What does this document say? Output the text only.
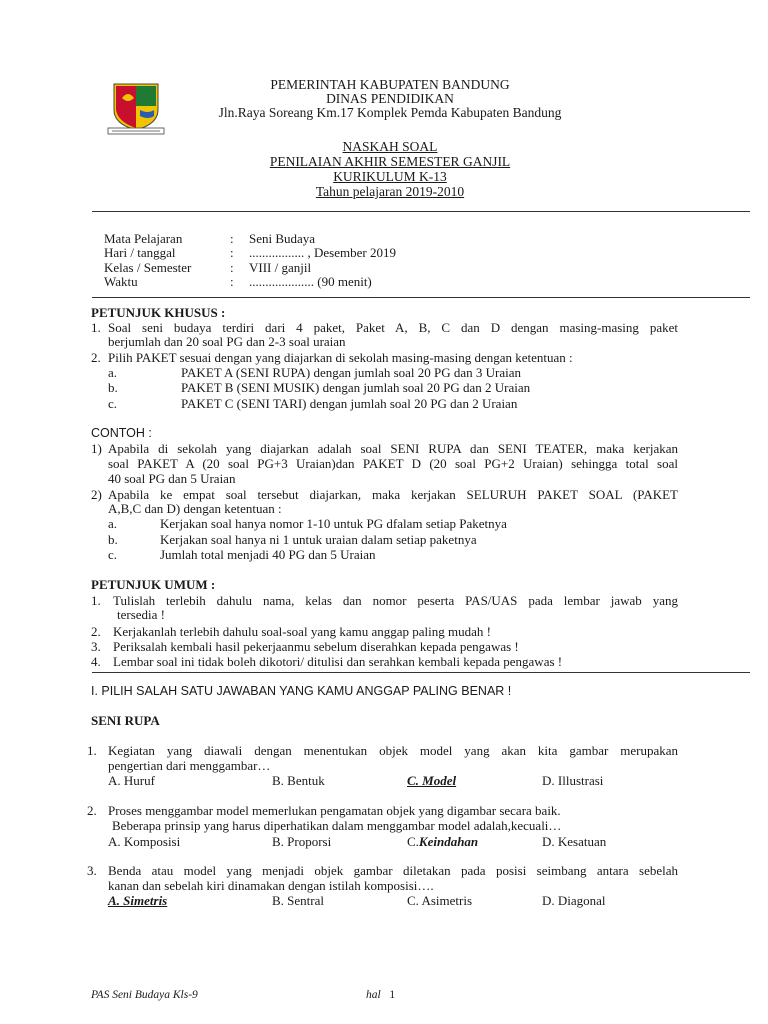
PEMERINTAH KABUPATEN BANDUNG
DINAS PENDIDIKAN
Jln.Raya Soreang Km.17 Komplek Pemda Kabupaten Bandung
NASKAH SOAL
PENILAIAN AKHIR SEMESTER GANJIL
KURIKULUM K-13
Tahun pelajaran 2019-2010
Mata Pelajaran	: Seni Budaya
Hari / tanggal	: ................. , Desember 2019
Kelas / Semester	: VIII / ganjil
Waktu	: .................... (90 menit)
PETUNJUK KHUSUS :
1. Soal seni budaya terdiri dari 4 paket, Paket A, B, C dan D dengan masing-masing paket
berjumlah dan 20 soal PG dan 2-3 soal uraian
2. Pilih PAKET sesuai dengan yang diajarkan di sekolah masing-masing dengan ketentuan :
a.	PAKET A (SENI RUPA) dengan jumlah soal 20 PG dan 3 Uraian
b.	PAKET B (SENI MUSIK) dengan jumlah soal 20 PG dan 2 Uraian
c.	PAKET C (SENI TARI) dengan jumlah soal 20 PG dan 2 Uraian
CONTOH :
1) Apabila di sekolah yang diajarkan adalah soal SENI RUPA dan SENI TEATER, maka kerjakan
soal PAKET A (20 soal PG+3 Uraian)dan PAKET D (20 soal PG+2 Uraian) sehingga total soal
40 soal PG dan 5 Uraian
2) Apabila ke empat soal tersebut diajarkan, maka kerjakan SELURUH PAKET SOAL (PAKET
A,B,C dan D) dengan ketentuan :
a.	Kerjakan soal hanya nomor 1-10 untuk PG dfalam setiap Paketnya
b.	Kerjakan soal hanya ni 1 untuk uraian dalam setiap paketnya
c.	Jumlah total menjadi 40 PG dan 5 Uraian
PETUNJUK UMUM :
1. Tulislah terlebih dahulu nama, kelas dan nomor peserta PAS/UAS pada lembar jawab yang
tersedia !
2. Kerjakanlah terlebih dahulu soal-soal yang kamu anggap paling mudah !
3. Periksalah kembali hasil pekerjaanmu sebelum diserahkan kepada pengawas !
4. Lembar soal ini tidak boleh dikotori/ ditulisi dan serahkan kembali kepada pengawas !
I. PILIH SALAH SATU JAWABAN YANG KAMU ANGGAP PALING BENAR !
SENI RUPA
1. Kegiatan yang diawali dengan menentukan objek model yang akan kita gambar merupakan
pengertian dari menggambar…
A. Huruf	B. Bentuk	C. Model	D. Illustrasi
2. Proses menggambar model memerlukan pengamatan objek yang digambar secara baik.
Beberapa prinsip yang harus diperhatikan dalam menggambar model adalah,kecuali…
A. Komposisi	B. Proporsi	C.Keindahan	D. Kesatuan
3. Benda atau model yang menjadi objek gambar diletakan pada posisi seimbang antara sebelah
kanan dan sebelah kiri dinamakan dengan istilah komposisi….
A. Simetris	B. Sentral	C. Asimetris	D. Diagonal
PAS Seni Budaya Kls-9	hal 1
